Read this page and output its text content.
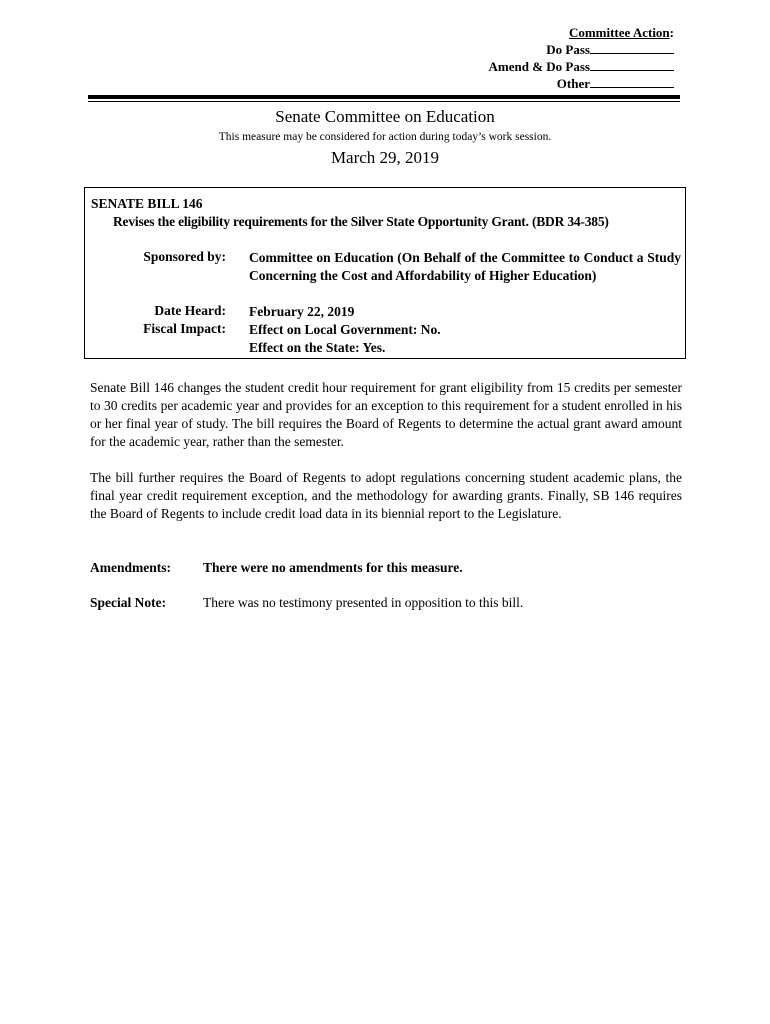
Committee Action:
Do Pass
Amend & Do Pass
Other
Senate Committee on Education
This measure may be considered for action during today’s work session.
March 29, 2019
SENATE BILL 146
Revises the eligibility requirements for the Silver State Opportunity Grant. (BDR 34-385)
Sponsored by: Committee on Education (On Behalf of the Committee to Conduct a Study Concerning the Cost and Affordability of Higher Education)
Date Heard: February 22, 2019
Fiscal Impact: Effect on Local Government: No.
Effect on the State: Yes.
Senate Bill 146 changes the student credit hour requirement for grant eligibility from 15 credits per semester to 30 credits per academic year and provides for an exception to this requirement for a student enrolled in his or her final year of study. The bill requires the Board of Regents to determine the actual grant award amount for the academic year, rather than the semester.
The bill further requires the Board of Regents to adopt regulations concerning student academic plans, the final year credit requirement exception, and the methodology for awarding grants. Finally, SB 146 requires the Board of Regents to include credit load data in its biennial report to the Legislature.
Amendments: There were no amendments for this measure.
Special Note:	There was no testimony presented in opposition to this bill.
